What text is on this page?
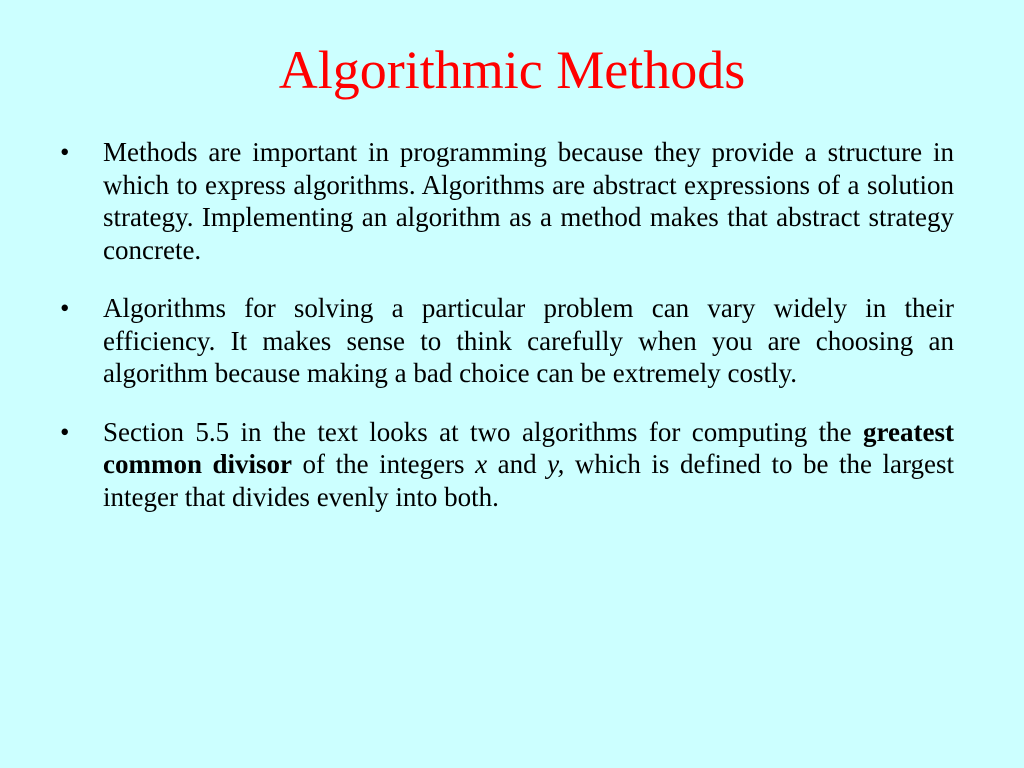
Algorithmic Methods
•	Methods are important in programming because they provide a structure in which to express algorithms. Algorithms are abstract expressions of a solution strategy. Implementing an algorithm as a method makes that abstract strategy concrete.
•	Algorithms for solving a particular problem can vary widely in their efficiency. It makes sense to think carefully when you are choosing an algorithm because making a bad choice can be extremely costly.
•	Section 5.5 in the text looks at two algorithms for computing the greatest common divisor of the integers x and y, which is defined to be the largest integer that divides evenly into both.
